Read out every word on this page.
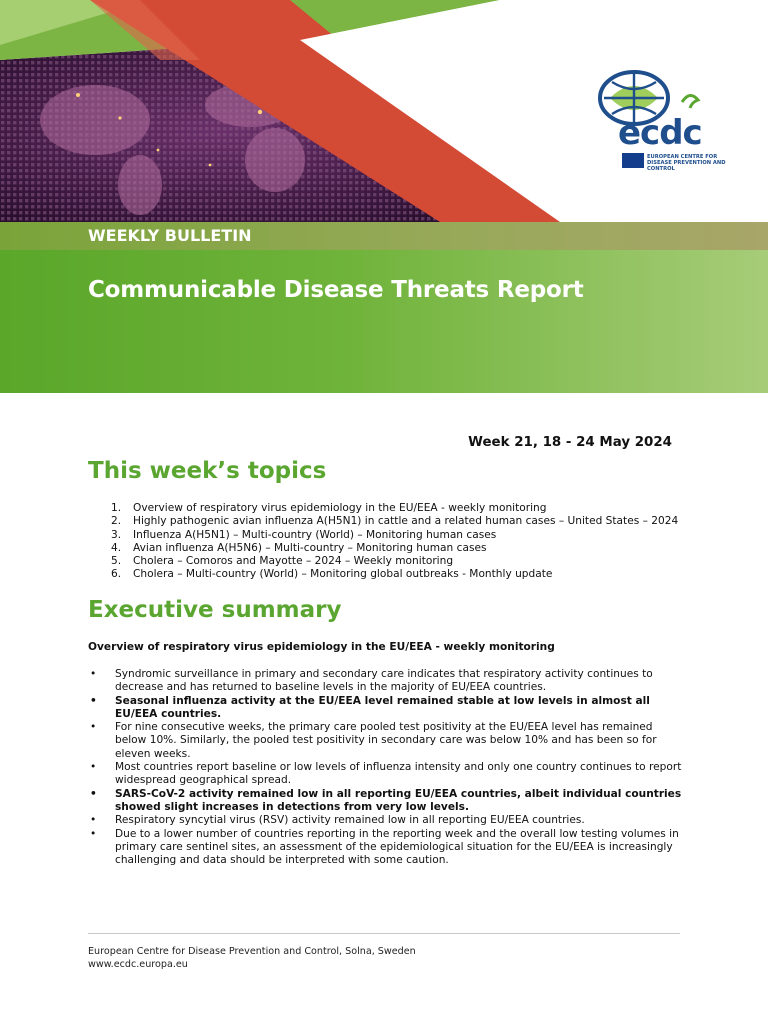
ecdc
EUROPEAN CENTRE FOR DISEASE PREVENTION AND CONTROL
WEEKLY BULLETIN
Communicable Disease Threats Report
Week 21, 18 - 24 May 2024
This week’s topics
1. Overview of respiratory virus epidemiology in the EU/EEA - weekly monitoring
2. Highly pathogenic avian influenza A(H5N1) in cattle and a related human cases – United States – 2024
3. Influenza A(H5N1) – Multi-country (World) – Monitoring human cases
4. Avian influenza A(H5N6) – Multi-country – Monitoring human cases
5. Cholera – Comoros and Mayotte – 2024 – Weekly monitoring
6. Cholera – Multi-country (World) – Monitoring global outbreaks - Monthly update
Executive summary
Overview of respiratory virus epidemiology in the EU/EEA - weekly monitoring
• Syndromic surveillance in primary and secondary care indicates that respiratory activity continues to decrease and has returned to baseline levels in the majority of EU/EEA countries.
• Seasonal influenza activity at the EU/EEA level remained stable at low levels in almost all EU/EEA countries.
• For nine consecutive weeks, the primary care pooled test positivity at the EU/EEA level has remained below 10%. Similarly, the pooled test positivity in secondary care was below 10% and has been so for eleven weeks.
• Most countries report baseline or low levels of influenza intensity and only one country continues to report widespread geographical spread.
• SARS-CoV-2 activity remained low in all reporting EU/EEA countries, albeit individual countries showed slight increases in detections from very low levels.
• Respiratory syncytial virus (RSV) activity remained low in all reporting EU/EEA countries.
• Due to a lower number of countries reporting in the reporting week and the overall low testing volumes in primary care sentinel sites, an assessment of the epidemiological situation for the EU/EEA is increasingly challenging and data should be interpreted with some caution.
European Centre for Disease Prevention and Control, Solna, Sweden
www.ecdc.europa.eu
